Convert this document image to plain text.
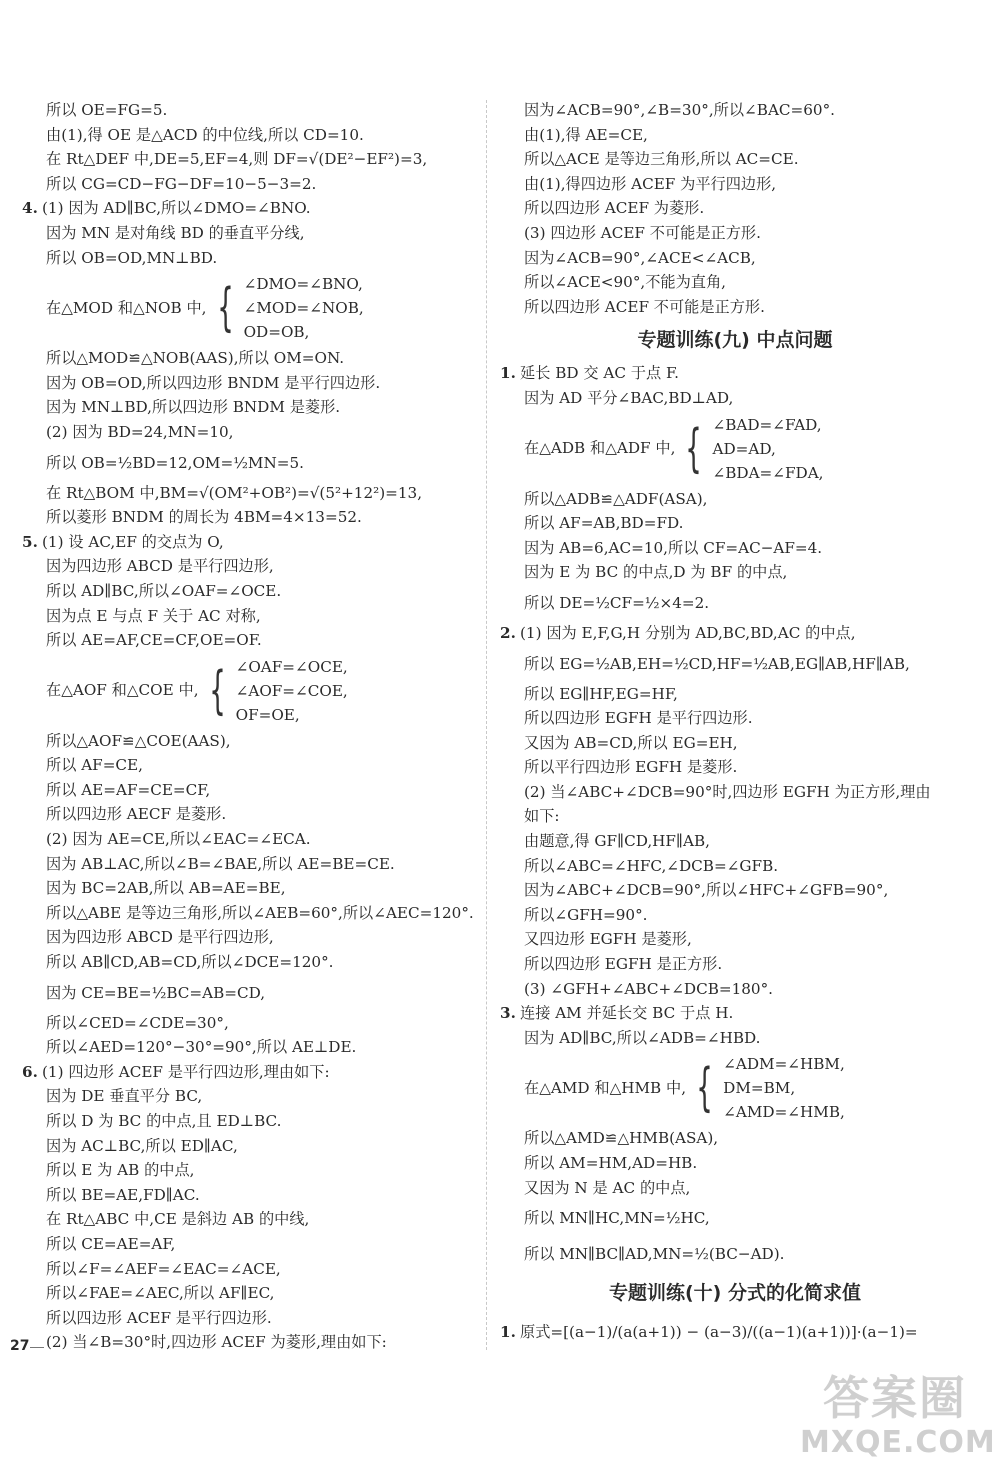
所以 OE=FG=5.
由(1),得 OE 是△ACD 的中位线,所以 CD=10.
在 Rt△DEF 中,DE=5,EF=4,则 DF=√(DE²−EF²)=3,
所以 CG=CD−FG−DF=10−5−3=2.
4. (1) 因为 AD∥BC,所以∠DMO=∠BNO.
因为 MN 是对角线 BD 的垂直平分线,
所以 OB=OD,MN⊥BD.
在△MOD 和△NOB 中, { ∠DMO=∠BNO,
∠MOD=∠NOB,
OD=OB,
所以△MOD≌△NOB(AAS),所以 OM=ON.
因为 OB=OD,所以四边形 BNDM 是平行四边形.
因为 MN⊥BD,所以四边形 BNDM 是菱形.
(2) 因为 BD=24,MN=10,
所以 OB=½BD=12,OM=½MN=5.
在 Rt△BOM 中,BM=√(OM²+OB²)=√(5²+12²)=13,
所以菱形 BNDM 的周长为 4BM=4×13=52.
5. (1) 设 AC,EF 的交点为 O,
因为四边形 ABCD 是平行四边形,
所以 AD∥BC,所以∠OAF=∠OCE.
因为点 E 与点 F 关于 AC 对称,
所以 AE=AF,CE=CF,OE=OF.
在△AOF 和△COE 中, { ∠OAF=∠OCE,
∠AOF=∠COE,
OF=OE,
所以△AOF≌△COE(AAS),
所以 AF=CE,
所以 AE=AF=CE=CF,
所以四边形 AECF 是菱形.
(2) 因为 AE=CE,所以∠EAC=∠ECA.
因为 AB⊥AC,所以∠B=∠BAE,所以 AE=BE=CE.
因为 BC=2AB,所以 AB=AE=BE,
所以△ABE 是等边三角形,所以∠AEB=60°,所以∠AEC=120°.
因为四边形 ABCD 是平行四边形,
所以 AB∥CD,AB=CD,所以∠DCE=120°.
因为 CE=BE=½BC=AB=CD,
所以∠CED=∠CDE=30°,
所以∠AED=120°−30°=90°,所以 AE⊥DE.
6. (1) 四边形 ACEF 是平行四边形,理由如下:
因为 DE 垂直平分 BC,
所以 D 为 BC 的中点,且 ED⊥BC.
因为 AC⊥BC,所以 ED∥AC,
所以 E 为 AB 的中点,
所以 BE=AE,FD∥AC.
在 Rt△ABC 中,CE 是斜边 AB 的中线,
所以 CE=AE=AF,
所以∠F=∠AEF=∠EAC=∠ACE,
所以∠FAE=∠AEC,所以 AF∥EC,
所以四边形 ACEF 是平行四边形.
(2) 当∠B=30°时,四边形 ACEF 为菱形,理由如下:
因为∠ACB=90°,∠B=30°,所以∠BAC=60°.
由(1),得 AE=CE,
所以△ACE 是等边三角形,所以 AC=CE.
由(1),得四边形 ACEF 为平行四边形,
所以四边形 ACEF 为菱形.
(3) 四边形 ACEF 不可能是正方形.
因为∠ACB=90°,∠ACE<∠ACB,
所以∠ACE<90°,不能为直角,
所以四边形 ACEF 不可能是正方形.
专题训练(九) 中点问题
1. 延长 BD 交 AC 于点 F.
因为 AD 平分∠BAC,BD⊥AD,
在△ADB 和△ADF 中, { ∠BAD=∠FAD,
AD=AD,
∠BDA=∠FDA,
所以△ADB≌△ADF(ASA),
所以 AF=AB,BD=FD.
因为 AB=6,AC=10,所以 CF=AC−AF=4.
因为 E 为 BC 的中点,D 为 BF 的中点,
所以 DE=½CF=½×4=2.
2. (1) 因为 E,F,G,H 分别为 AD,BC,BD,AC 的中点,
所以 EG=½AB,EH=½CD,HF=½AB,EG∥AB,HF∥AB,
所以 EG∥HF,EG=HF,
所以四边形 EGFH 是平行四边形.
又因为 AB=CD,所以 EG=EH,
所以平行四边形 EGFH 是菱形.
(2) 当∠ABC+∠DCB=90°时,四边形 EGFH 为正方形,理由
如下:
由题意,得 GF∥CD,HF∥AB,
所以∠ABC=∠HFC,∠DCB=∠GFB.
因为∠ABC+∠DCB=90°,所以∠HFC+∠GFB=90°,
所以∠GFH=90°.
又四边形 EGFH 是菱形,
所以四边形 EGFH 是正方形.
(3) ∠GFH+∠ABC+∠DCB=180°.
3. 连接 AM 并延长交 BC 于点 H.
因为 AD∥BC,所以∠ADB=∠HBD.
在△AMD 和△HMB 中, { ∠ADM=∠HBM,
DM=BM,
∠AMD=∠HMB,
所以△AMD≌△HMB(ASA),
所以 AM=HM,AD=HB.
又因为 N 是 AC 的中点,
所以 MN∥HC,MN=½HC,
所以 MN∥BC∥AD,MN=½(BC−AD).
专题训练(十) 分式的化简求值
1. 原式=[(a−1)/(a(a+1)) − (a−3)/((a−1)(a+1))]·(a−1)=
27
答案圈
MXQE.COM
